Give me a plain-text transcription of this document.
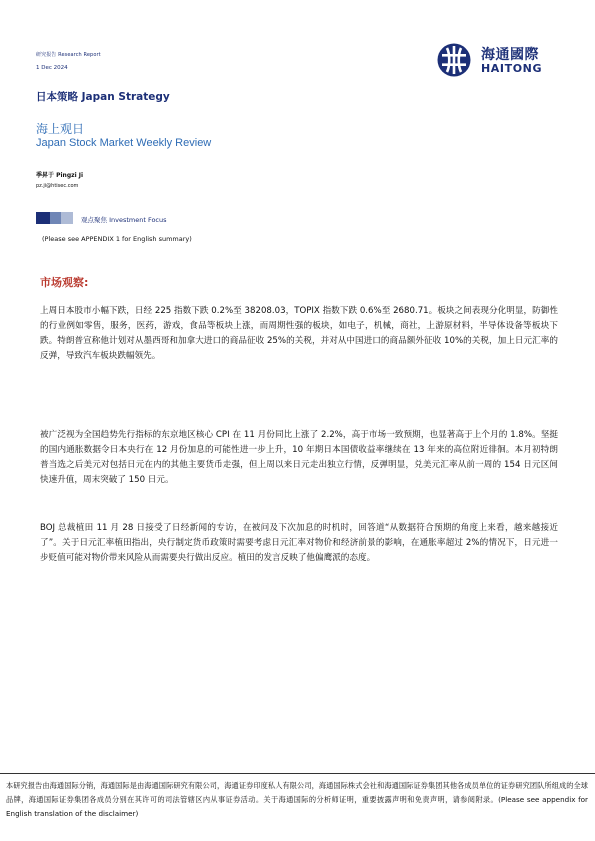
研究报告 Research Report
1 Dec 2024
日本策略 Japan Strategy
海通國際
HAITONG
海上观日
Japan Stock Market Weekly Review
季昇于 Pingzi Ji
pz.ji@htisec.com
观点聚焦 Investment Focus
(Please see APPENDIX 1 for English summary)
市场观察:
上周日本股市小幅下跌，日经 225 指数下跌 0.2%至 38208.03，TOPIX 指数下跌 0.6%至 2680.71。板块之间表现分化明显，防御性的行业例如零售，服务，医药，游戏，食品等板块上涨，而周期性强的板块，如电子，机械，商社，上游原材料，半导体设备等板块下跌。特朗普宣称他计划对从墨西哥和加拿大进口的商品征收 25%的关税，并对从中国进口的商品额外征收 10%的关税，加上日元汇率的反弹，导致汽车板块跌幅领先。
被广泛视为全国趋势先行指标的东京地区核心 CPI 在 11 月份同比上涨了 2.2%，高于市场一致预期，也显著高于上个月的 1.8%。坚挺的国内通胀数据令日本央行在 12 月份加息的可能性进一步上升，10 年期日本国债收益率继续在 13 年来的高位附近徘徊。本月初特朗普当选之后美元对包括日元在内的其他主要货币走强，但上周以来日元走出独立行情，反弹明显，兑美元汇率从前一周的 154 日元区间快速升值，周末突破了 150 日元。
BOJ 总裁植田 11 月 28 日接受了日经新闻的专访，在被问及下次加息的时机时，回答道“从数据符合预期的角度上来看，越来越接近了”。关于日元汇率植田指出，央行制定货币政策时需要考虑日元汇率对物价和经济前景的影响，在通胀率超过 2%的情况下，日元进一步贬值可能对物价带来风险从而需要央行做出反应。植田的发言反映了他偏鹰派的态度。
本研究报告由海通国际分销，海通国际是由海通国际研究有限公司，海通证券印度私人有限公司，海通国际株式会社和海通国际证券集团其他各成员单位的证券研究团队所组成的全球品牌，海通国际证券集团各成员分别在其许可的司法管辖区内从事证券活动。关于海通国际的分析师证明，重要披露声明和免责声明，请参阅附录。(Please see appendix for English translation of the disclaimer)
